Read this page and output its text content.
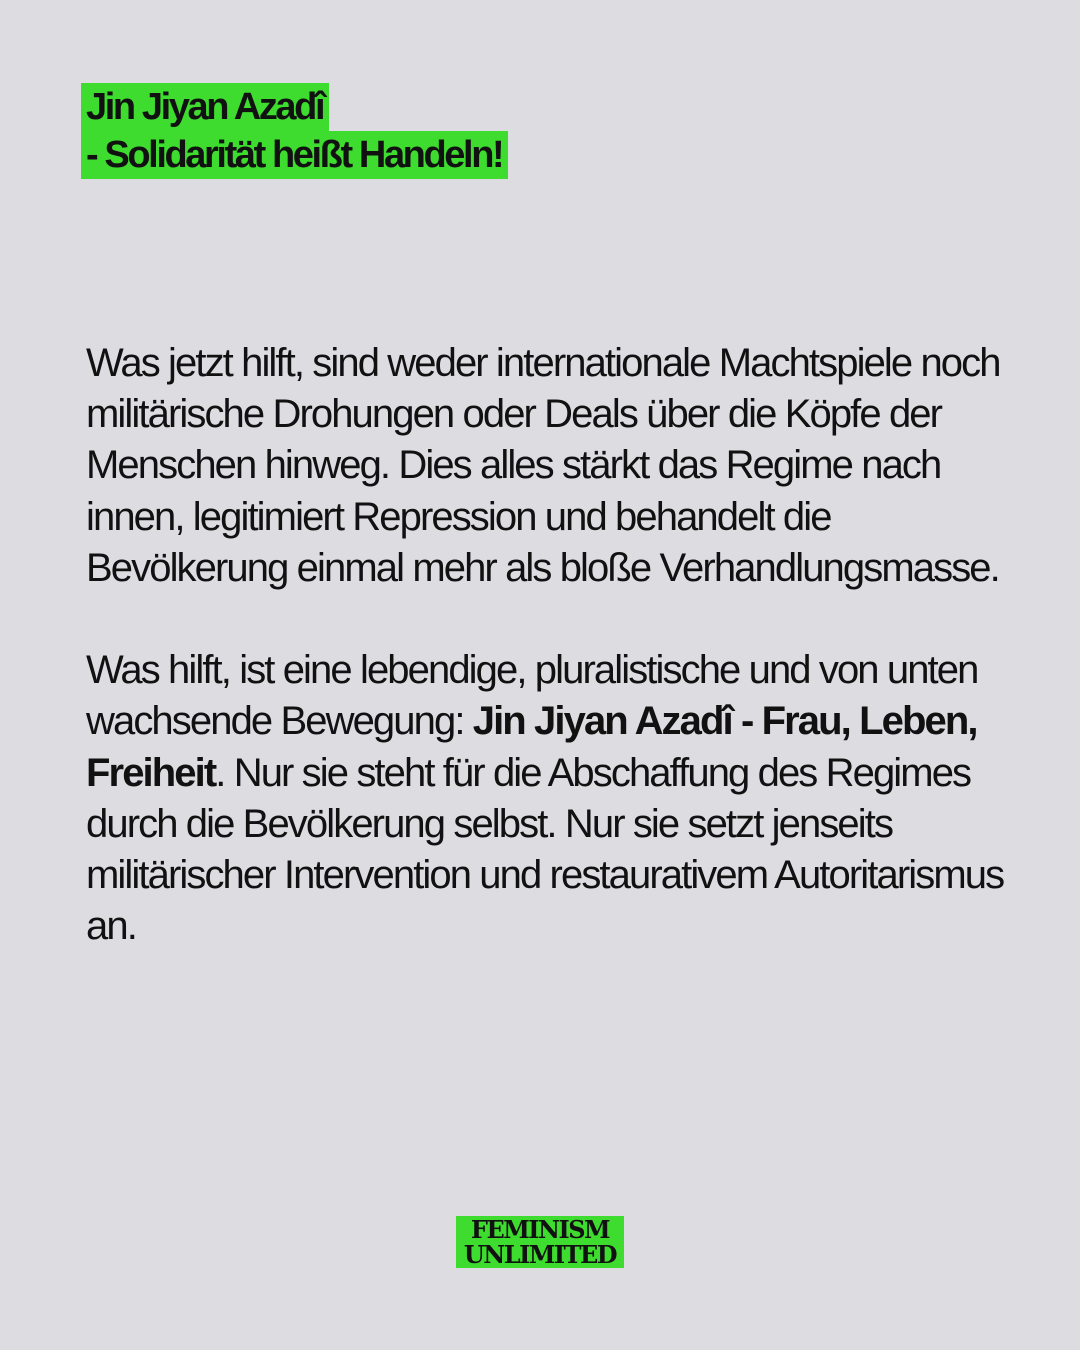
Jin Jiyan Azadî
- Solidarität heißt Handeln!

Was jetzt hilft, sind weder internationale Machtspiele noch militärische Drohungen oder Deals über die Köpfe der Menschen hinweg. Dies alles stärkt das Regime nach innen, legitimiert Repression und behandelt die Bevölkerung einmal mehr als bloße Verhandlungsmasse.

Was hilft, ist eine lebendige, pluralistische und von unten wachsende Bewegung: Jin Jiyan Azadî - Frau, Leben, Freiheit. Nur sie steht für die Abschaffung des Regimes durch die Bevölkerung selbst. Nur sie setzt jenseits militärischer Intervention und restaurativem Autoritarismus an.

FEMINISM
UNLIMITED
